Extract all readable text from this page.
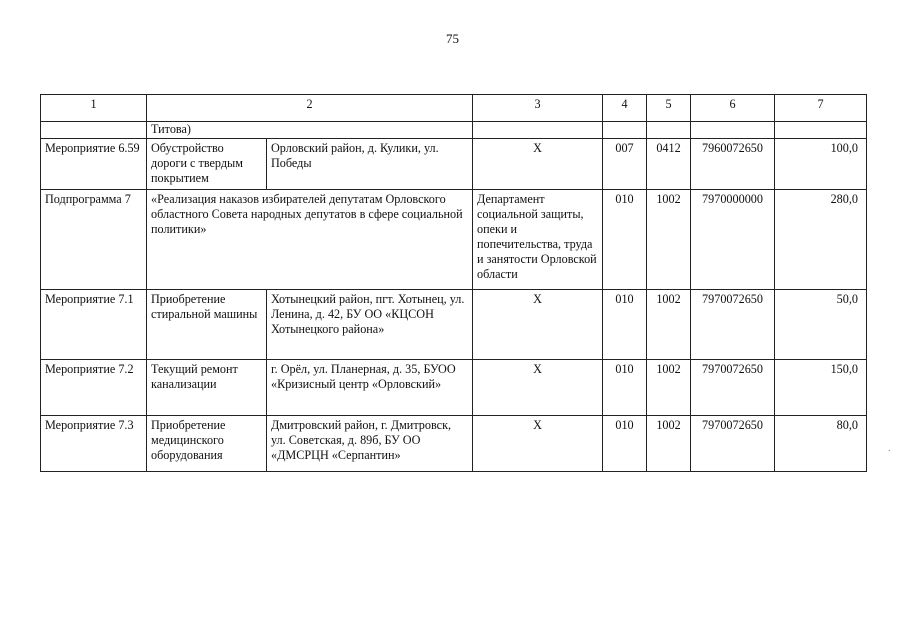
75
1	2		3	4	5	6	7
	Титова)						
Мероприятие 6.59	Обустройство дороги с твердым покрытием	Орловский район, д. Кулики, ул. Победы	X	007	0412	7960072650	100,0
Подпрограмма 7	«Реализация наказов избирателей депутатам Орловского областного Совета народных депутатов в сфере социальной политики»		Департамент социальной защиты, опеки и попечительства, труда и занятости Орловской области	010	1002	7970000000	280,0
Мероприятие 7.1	Приобретение стиральной машины	Хотынецкий район, пгт. Хотынец, ул. Ленина, д. 42, БУ ОО «КЦСОН Хотынецкого района»	X	010	1002	7970072650	50,0
Мероприятие 7.2	Текущий ремонт канализации	г. Орёл, ул. Планерная, д. 35, БУОО «Кризисный центр «Орловский»	X	010	1002	7970072650	150,0
Мероприятие 7.3	Приобретение медицинского оборудования	Дмитровский район, г. Дмитровск, ул. Советская, д. 89б, БУ ОО «ДМСРЦН «Серпантин»	X	010	1002	7970072650	80,0
·
